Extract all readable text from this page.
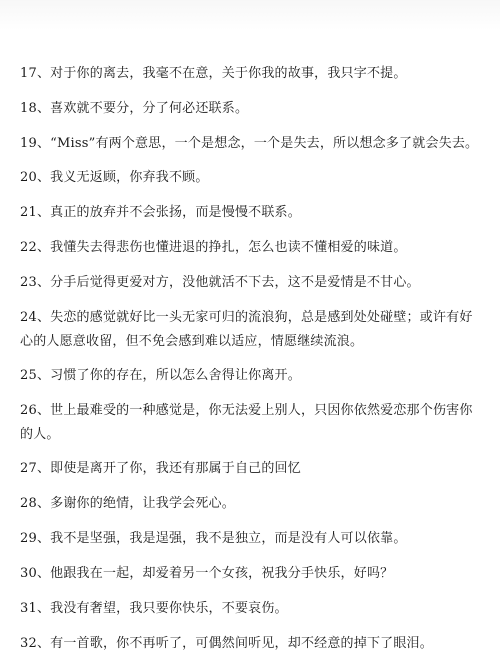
17、对于你的离去，我毫不在意，关于你我的故事，我只字不提。
18、喜欢就不要分，分了何必还联系。
19、“Miss”有两个意思，一个是想念，一个是失去，所以想念多了就会失去。
20、我义无返顾，你弃我不顾。
21、真正的放弃并不会张扬，而是慢慢不联系。
22、我懂失去得悲伤也懂进退的挣扎，怎么也读不懂相爱的味道。
23、分手后觉得更爱对方，没他就活不下去，这不是爱情是不甘心。
24、失恋的感觉就好比一头无家可归的流浪狗，总是感到处处碰壁；或许有好心的人愿意收留，但不免会感到难以适应，情愿继续流浪。
25、习惯了你的存在，所以怎么舍得让你离开。
26、世上最难受的一种感觉是，你无法爱上别人，只因你依然爱恋那个伤害你的人。
27、即使是离开了你，我还有那属于自己的回忆
28、多谢你的绝情，让我学会死心。
29、我不是坚强，我是逞强，我不是独立，而是没有人可以依靠。
30、他跟我在一起，却爱着另一个女孩，祝我分手快乐，好吗？
31、我没有奢望，我只要你快乐，不要哀伤。
32、有一首歌，你不再听了，可偶然间听见，却不经意的掉下了眼泪。
